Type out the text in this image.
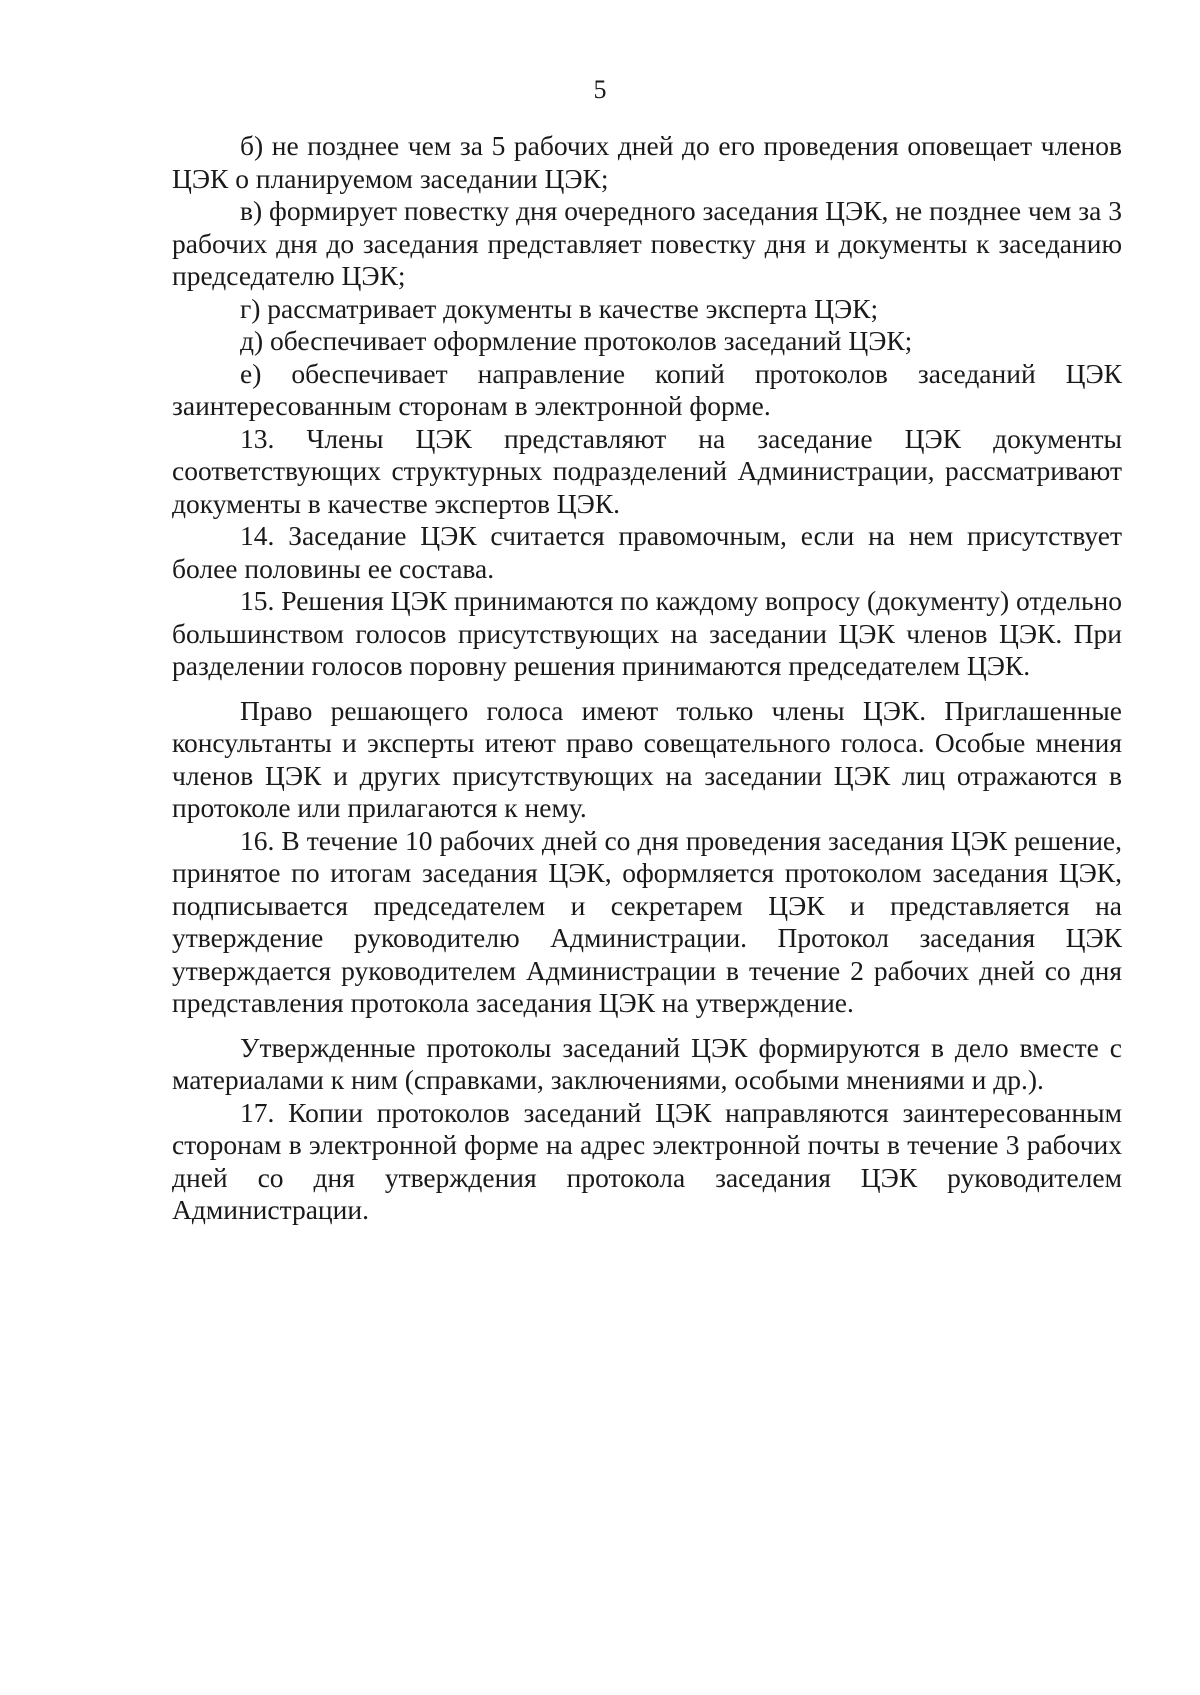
5

б) не позднее чем за 5 рабочих дней до его проведения оповещает членов ЦЭК о планируемом заседании ЦЭК;

в) формирует повестку дня очередного заседания ЦЭК, не позднее чем за 3 рабочих дня до заседания представляет повестку дня и документы к заседанию председателю ЦЭК;

г) рассматривает документы в качестве эксперта ЦЭК;

д) обеспечивает оформление протоколов заседаний ЦЭК;

е) обеспечивает направление копий протоколов заседаний ЦЭК заинтересованным сторонам в электронной форме.

13. Члены ЦЭК представляют на заседание ЦЭК документы соответствующих структурных подразделений Администрации, рассматривают документы в качестве экспертов ЦЭК.

14. Заседание ЦЭК считается правомочным, если на нем присутствует более половины ее состава.

15. Решения ЦЭК принимаются по каждому вопросу (документу) отдельно большинством голосов присутствующих на заседании ЦЭК членов ЦЭК. При разделении голосов поровну решения принимаются председателем ЦЭК.

Право решающего голоса имеют только члены ЦЭК. Приглашенные консультанты и эксперты итеют право совещательного голоса. Особые мнения членов ЦЭК и других присутствующих на заседании ЦЭК лиц отражаются в протоколе или прилагаются к нему.

16. В течение 10 рабочих дней со дня проведения заседания ЦЭК решение, принятое по итогам заседания ЦЭК, оформляется протоколом заседания ЦЭК, подписывается председателем и секретарем ЦЭК и представляется на утверждение руководителю Администрации. Протокол заседания ЦЭК утверждается руководителем Администрации в течение 2 рабочих дней со дня представления протокола заседания ЦЭК на утверждение.

Утвержденные протоколы заседаний ЦЭК формируются в дело вместе с материалами к ним (справками, заключениями, особыми мнениями и др.).

17. Копии протоколов заседаний ЦЭК направляются заинтересованным сторонам в электронной форме на адрес электронной почты в течение 3 рабочих дней со дня утверждения протокола заседания ЦЭК руководителем Администрации.
